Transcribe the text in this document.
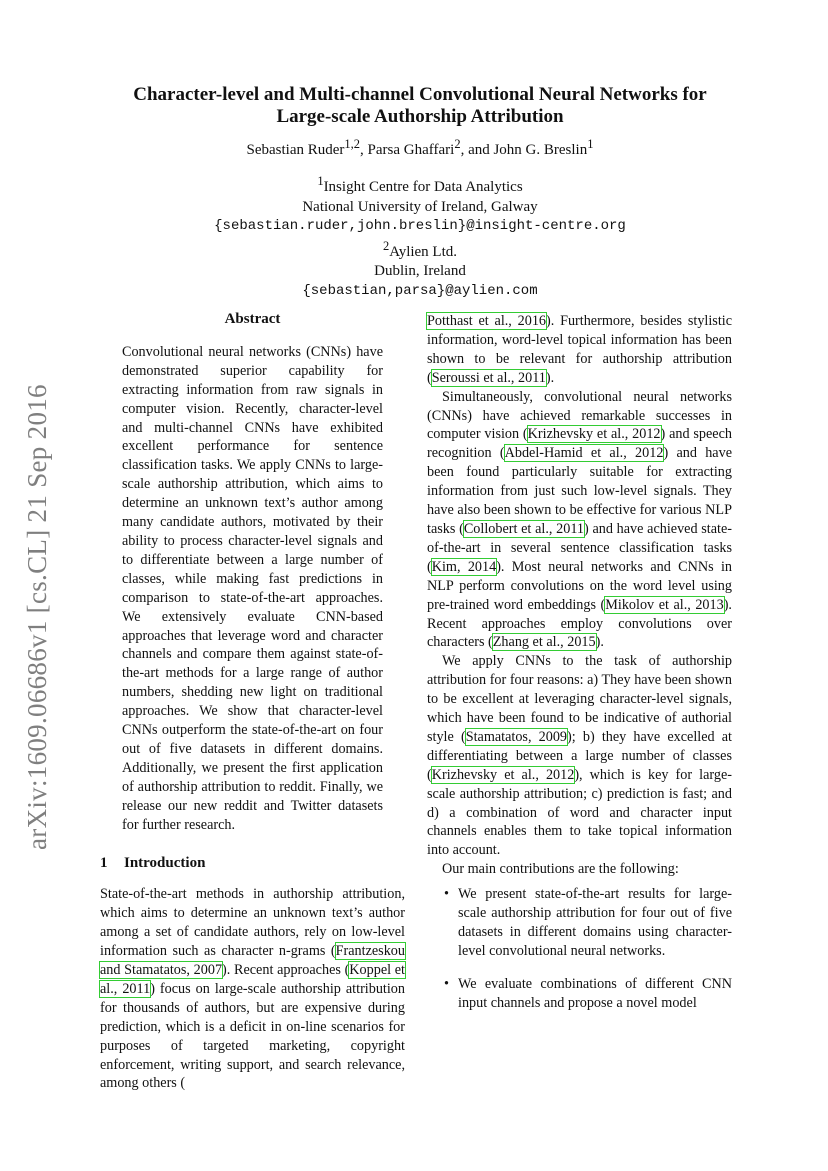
arXiv:1609.06686v1 [cs.CL] 21 Sep 2016
Character-level and Multi-channel Convolutional Neural Networks for
Large-scale Authorship Attribution
Sebastian Ruder$^{1,2}$, Parsa Ghaffari$^2$, and John G. Breslin$^1$
$^1$Insight Centre for Data Analytics
National University of Ireland, Galway
{sebastian.ruder,john.breslin}@insight-centre.org
$^2$Aylien Ltd.
Dublin, Ireland
{sebastian,parsa}@aylien.com
Abstract

Convolutional neural networks (CNNs) have demonstrated superior capability for extracting information from raw signals in computer vision. Recently, character-level and multi-channel CNNs have exhibited excellent performance for sentence classification tasks. We apply CNNs to large-scale authorship attribution, which aims to determine an unknown text’s author among many candidate authors, motivated by their ability to process character-level signals and to differentiate between a large number of classes, while making fast predictions in comparison to state-of-the-art approaches. We extensively evaluate CNN-based approaches that leverage word and character channels and compare them against state-of-the-art methods for a large range of author numbers, shedding new light on traditional approaches. We show that character-level CNNs outperform the state-of-the-art on four out of five datasets in different domains. Additionally, we present the first application of authorship attribution to reddit. Finally, we release our new reddit and Twitter datasets for further research.

1 Introduction

State-of-the-art methods in authorship attribution, which aims to determine an unknown text’s author among a set of candidate authors, rely on low-level information such as character n-grams (Frantzeskou and Stamatatos, 2007). Recent approaches (Koppel et al., 2011) focus on large-scale authorship attribution for thousands of authors, but are expensive during prediction, which is a deficit in on-line scenarios for purposes of targeted marketing, copyright enforcement, writing support, and search relevance, among others (

Potthast et al., 2016). Furthermore, besides stylistic information, word-level topical information has been shown to be relevant for authorship attribution (Seroussi et al., 2011).

Simultaneously, convolutional neural networks (CNNs) have achieved remarkable successes in computer vision (Krizhevsky et al., 2012) and speech recognition (Abdel-Hamid et al., 2012) and have been found particularly suitable for extracting information from just such low-level signals. They have also been shown to be effective for various NLP tasks (Collobert et al., 2011) and have achieved state-of-the-art in several sentence classification tasks (Kim, 2014). Most neural networks and CNNs in NLP perform convolutions on the word level using pre-trained word embeddings (Mikolov et al., 2013). Recent approaches employ convolutions over characters (Zhang et al., 2015).

We apply CNNs to the task of authorship attribution for four reasons: a) They have been shown to be excellent at leveraging character-level signals, which have been found to be indicative of authorial style (Stamatatos, 2009); b) they have excelled at differentiating between a large number of classes (Krizhevsky et al., 2012), which is key for large-scale authorship attribution; c) prediction is fast; and d) a combination of word and character input channels enables them to take topical information into account.

Our main contributions are the following:

• We present state-of-the-art results for large-scale authorship attribution for four out of five datasets in different domains using character-level convolutional neural networks.
• We evaluate combinations of different CNN input channels and propose a novel model
